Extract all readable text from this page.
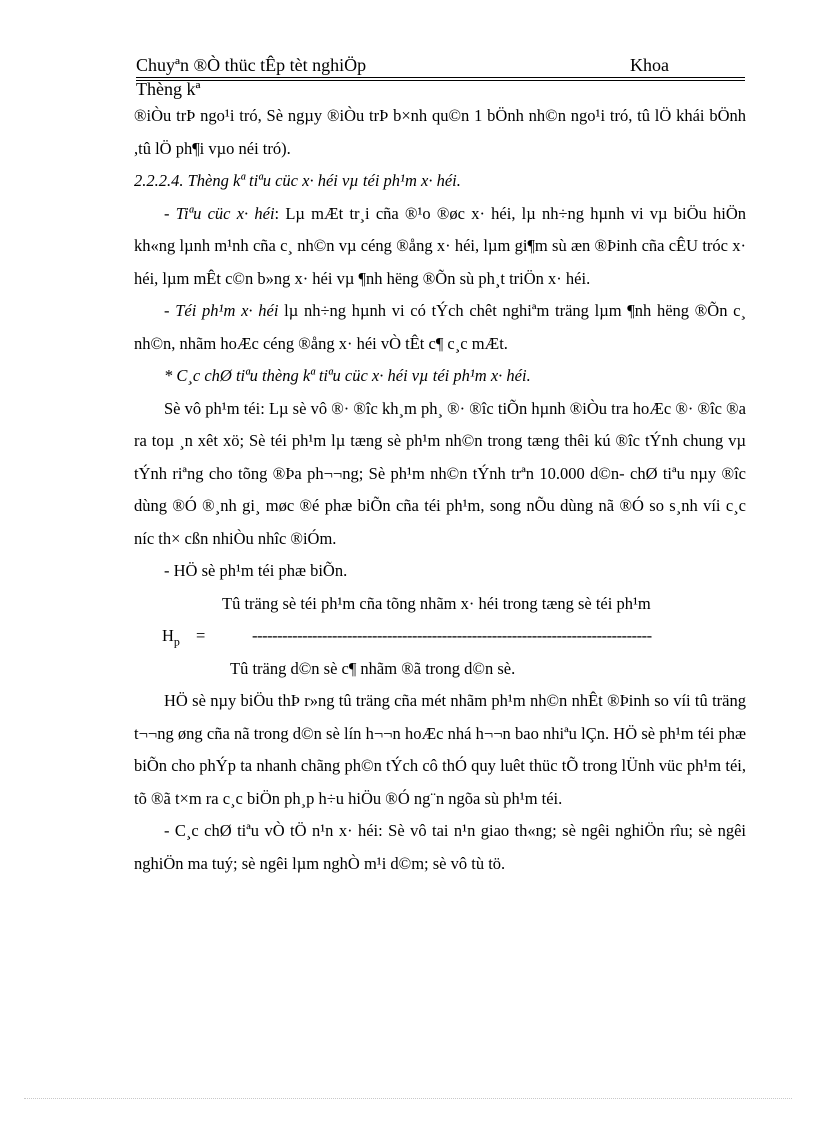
Chuyªn ®Ò thüc tÊp tèt nghiÖp	Khoa
Thèng kª

®iÒu trÞ ngo¹i tró, Sè ngµy ®iÒu trÞ b×nh qu©n 1 bÖnh nh©n ngo¹i tró, tû lÖ khái bÖnh ,tû lÖ ph¶i vµo néi tró).

2.2.2.4. Thèng kª tiªu cüc x· héi vµ téi ph¹m x· héi.

- Tiªu cüc x· héi: Lµ mÆt tr¸i cña ®¹o ®øc x· héi, lµ nh÷ng hµnh vi vµ biÖu hiÖn kh«ng lµnh m¹nh cña c¸ nh©n vµ céng ®ång x· héi, lµm gi¶m sù æn ®Þinh cña cÊU tróc x· héi, lµm mÊt c©n b»ng x· héi vµ ¶nh hëng ®Õn sù ph¸t triÖn x· héi.

- Téi ph¹m x· héi lµ nh÷ng hµnh vi có tÝch chêt nghiªm träng lµm ¶nh hëng ®Õn c¸ nh©n, nhãm hoÆc céng ®ång x· héi vÒ tÊt c¶ c¸c mÆt.

* C¸c chØ tiªu thèng kª tiªu cüc x· héi vµ téi ph¹m x· héi.

Sè vô ph¹m téi: Lµ sè vô ®· ®îc kh¸m ph¸ ®· ®îc tiÕn hµnh ®iÒu tra hoÆc ®· ®îc ®a ra toµ ¸n xêt xö; Sè téi ph¹m lµ tæng sè ph¹m nh©n trong tæng thêi kú ®îc tÝnh chung vµ tÝnh riªng cho tõng ®Þa ph¬¬ng; Sè ph¹m nh©n tÝnh trªn 10.000 d©n- chØ tiªu nµy ®îc dùng ®Ó ®¸nh gi¸ møc ®é phæ biÕn cña téi ph¹m, song nÕu dùng nã ®Ó so s¸nh víi c¸c níc th× cßn nhiÒu nhîc ®iÓm.

- HÖ sè ph¹m téi phæ biÕn.

Tû träng sè téi ph¹m cña tõng nhãm x· héi trong tæng sè téi ph¹m
$H_p$ =	--------------------------------------------------------------------------------
Tû träng d©n sè c¶ nhãm ®ã trong d©n sè.

HÖ sè nµy biÖu thÞ r»ng tû träng cña mét nhãm ph¹m nh©n nhÊt ®Þinh so víi tû träng t¬¬ng øng cña nã trong d©n sè lín h¬¬n hoÆc nhá h¬¬n bao nhiªu lÇn. HÖ sè ph¹m téi phæ biÕn cho phÝp ta nhanh chãng ph©n tÝch cô thÓ quy luêt thüc tÕ trong lÜnh vüc ph¹m téi, tõ ®ã t×m ra c¸c biÖn ph¸p h÷u hiÖu ®Ó ng¨n ngõa sù ph¹m téi.

- C¸c chØ tiªu vÒ tÖ n¹n x· héi: Sè vô tai n¹n giao th«ng; sè ngêi nghiÖn rîu; sè ngêi nghiÖn ma tuý; sè ngêi lµm nghÒ m¹i d©m; sè vô tù tö.
